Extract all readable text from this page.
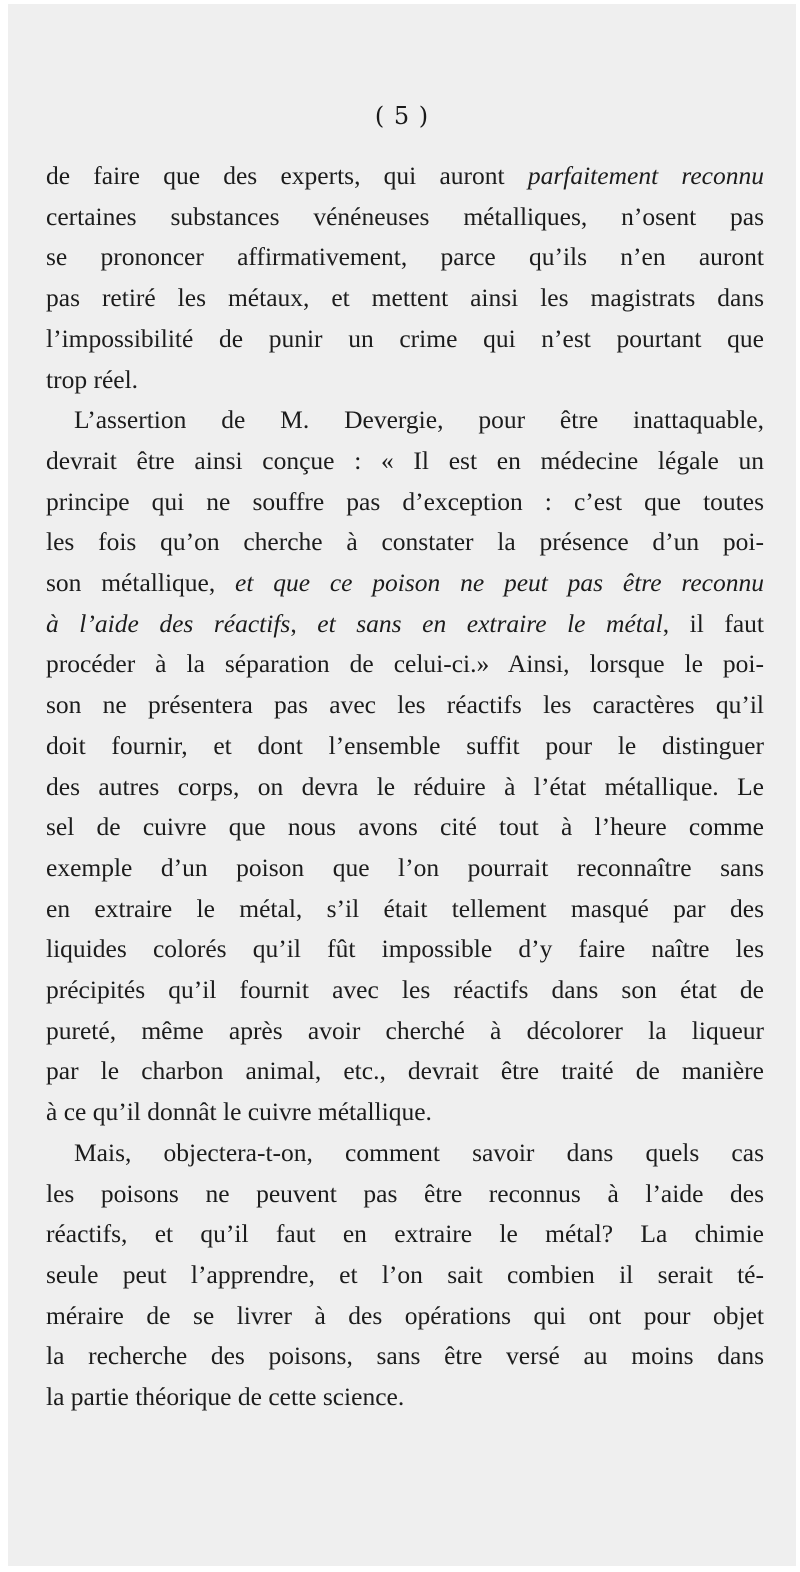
( 5 )
de faire que des experts, qui auront parfaitement reconnu
certaines substances vénéneuses métalliques, n’osent pas
se prononcer affirmativement, parce qu’ils n’en auront
pas retiré les métaux, et mettent ainsi les magistrats dans
l’impossibilité de punir un crime qui n’est pourtant que
trop réel.
L’assertion de M. Devergie, pour être inattaquable,
devrait être ainsi conçue : « Il est en médecine légale un
principe qui ne souffre pas d’exception : c’est que toutes
les fois qu’on cherche à constater la présence d’un poi-
son métallique, et que ce poison ne peut pas être reconnu
à l’aide des réactifs, et sans en extraire le métal, il faut
procéder à la séparation de celui-ci.» Ainsi, lorsque le poi-
son ne présentera pas avec les réactifs les caractères qu’il
doit fournir, et dont l’ensemble suffit pour le distinguer
des autres corps, on devra le réduire à l’état métallique. Le
sel de cuivre que nous avons cité tout à l’heure comme
exemple d’un poison que l’on pourrait reconnaître sans
en extraire le métal, s’il était tellement masqué par des
liquides colorés qu’il fût impossible d’y faire naître les
précipités qu’il fournit avec les réactifs dans son état de
pureté, même après avoir cherché à décolorer la liqueur
par le charbon animal, etc., devrait être traité de manière
à ce qu’il donnât le cuivre métallique.
Mais, objectera-t-on, comment savoir dans quels cas
les poisons ne peuvent pas être reconnus à l’aide des
réactifs, et qu’il faut en extraire le métal? La chimie
seule peut l’apprendre, et l’on sait combien il serait té-
méraire de se livrer à des opérations qui ont pour objet
la recherche des poisons, sans être versé au moins dans
la partie théorique de cette science.
